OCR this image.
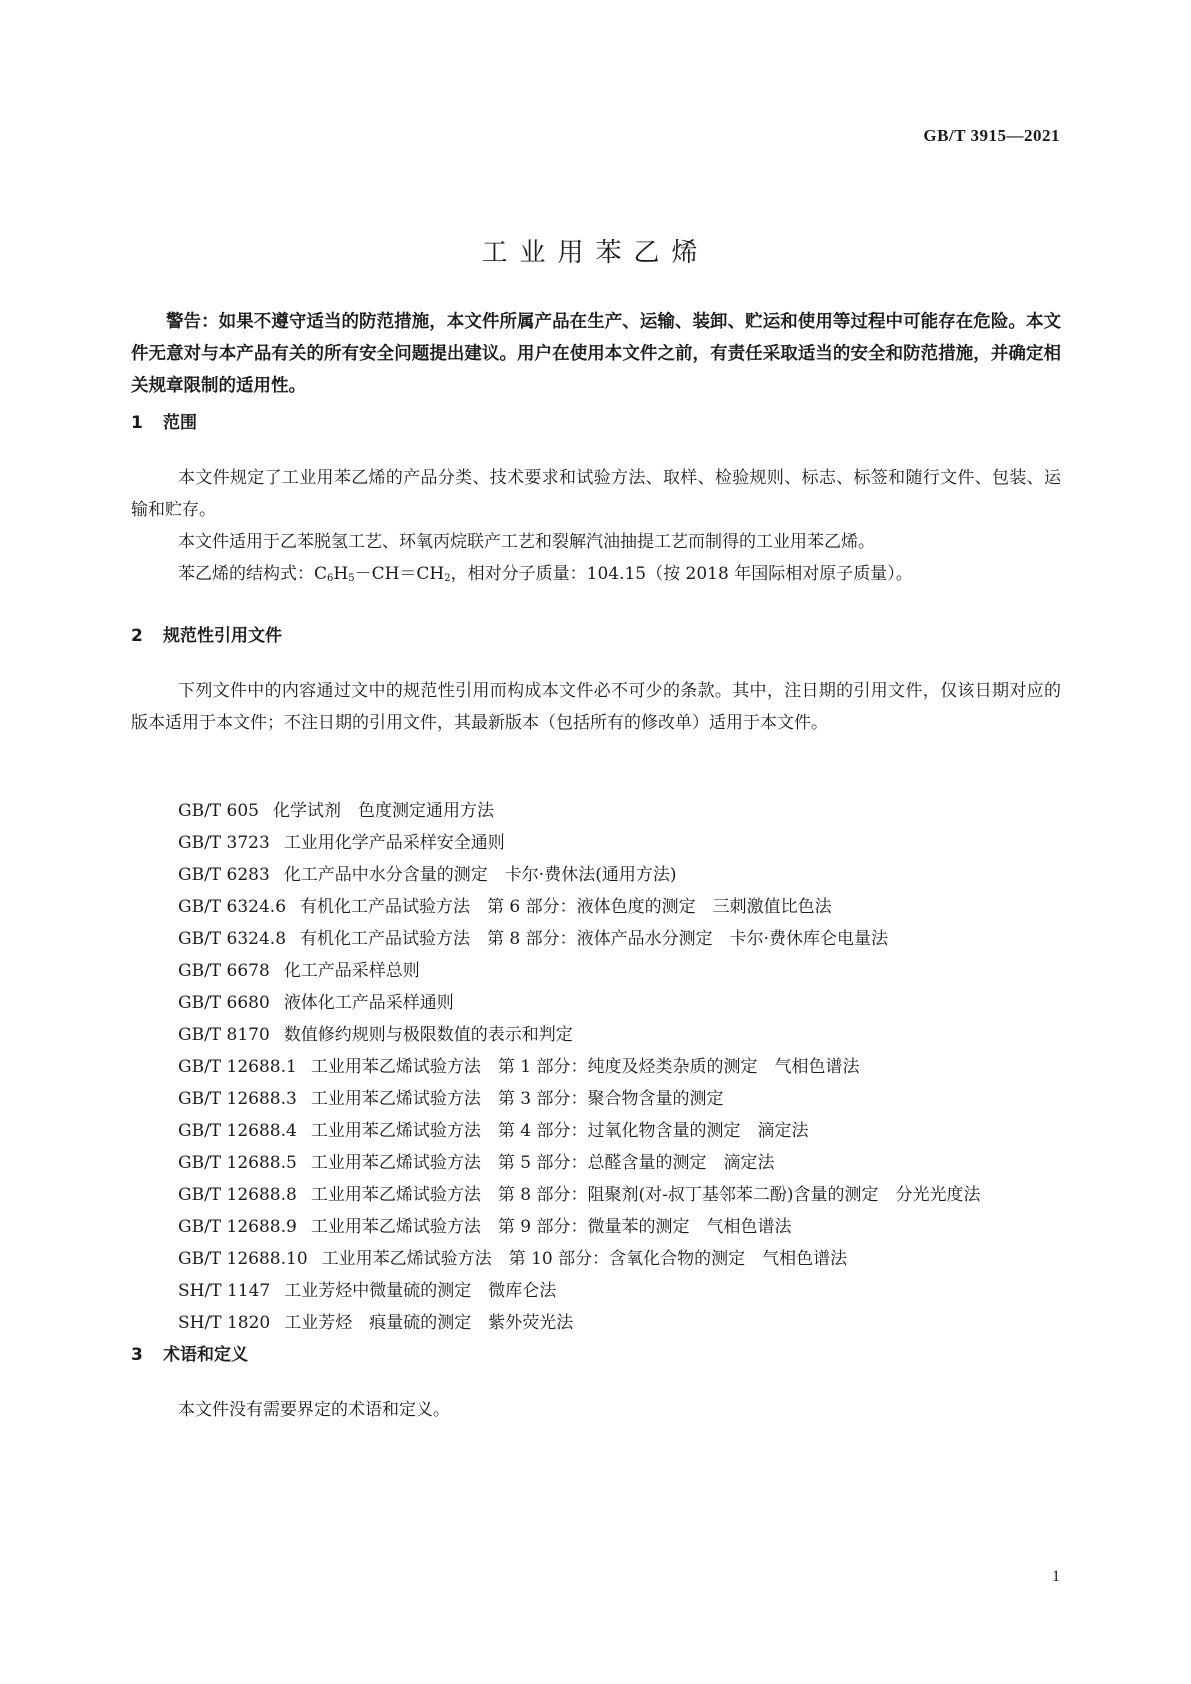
GB/T 3915—2021
工业用苯乙烯
警告：如果不遵守适当的防范措施，本文件所属产品在生产、运输、装卸、贮运和使用等过程中可能存在危险。本文件无意对与本产品有关的所有安全问题提出建议。用户在使用本文件之前，有责任采取适当的安全和防范措施，并确定相关规章限制的适用性。
1 范围
本文件规定了工业用苯乙烯的产品分类、技术要求和试验方法、取样、检验规则、标志、标签和随行文件、包装、运输和贮存。
本文件适用于乙苯脱氢工艺、环氧丙烷联产工艺和裂解汽油抽提工艺而制得的工业用苯乙烯。
苯乙烯的结构式：$C_6H_5-CH=CH_2$，相对分子质量：104.15（按 2018 年国际相对原子质量）。
2 规范性引用文件
下列文件中的内容通过文中的规范性引用而构成本文件必不可少的条款。其中，注日期的引用文件，仅该日期对应的版本适用于本文件；不注日期的引用文件，其最新版本（包括所有的修改单）适用于本文件。
GB/T 605 化学试剂　色度测定通用方法
GB/T 3723 工业用化学产品采样安全通则
GB/T 6283 化工产品中水分含量的测定　卡尔·费休法(通用方法)
GB/T 6324.6 有机化工产品试验方法　第 6 部分：液体色度的测定　三刺激值比色法
GB/T 6324.8 有机化工产品试验方法　第 8 部分：液体产品水分测定　卡尔·费休库仑电量法
GB/T 6678 化工产品采样总则
GB/T 6680 液体化工产品采样通则
GB/T 8170 数值修约规则与极限数值的表示和判定
GB/T 12688.1 工业用苯乙烯试验方法　第 1 部分：纯度及烃类杂质的测定　气相色谱法
GB/T 12688.3 工业用苯乙烯试验方法　第 3 部分：聚合物含量的测定
GB/T 12688.4 工业用苯乙烯试验方法　第 4 部分：过氧化物含量的测定　滴定法
GB/T 12688.5 工业用苯乙烯试验方法　第 5 部分：总醛含量的测定　滴定法
GB/T 12688.8 工业用苯乙烯试验方法　第 8 部分：阻聚剂(对-叔丁基邻苯二酚)含量的测定　分光光度法
GB/T 12688.9 工业用苯乙烯试验方法　第 9 部分：微量苯的测定　气相色谱法
GB/T 12688.10 工业用苯乙烯试验方法　第 10 部分：含氧化合物的测定　气相色谱法
SH/T 1147 工业芳烃中微量硫的测定　微库仑法
SH/T 1820 工业芳烃　痕量硫的测定　紫外荧光法
3 术语和定义
本文件没有需要界定的术语和定义。
1
